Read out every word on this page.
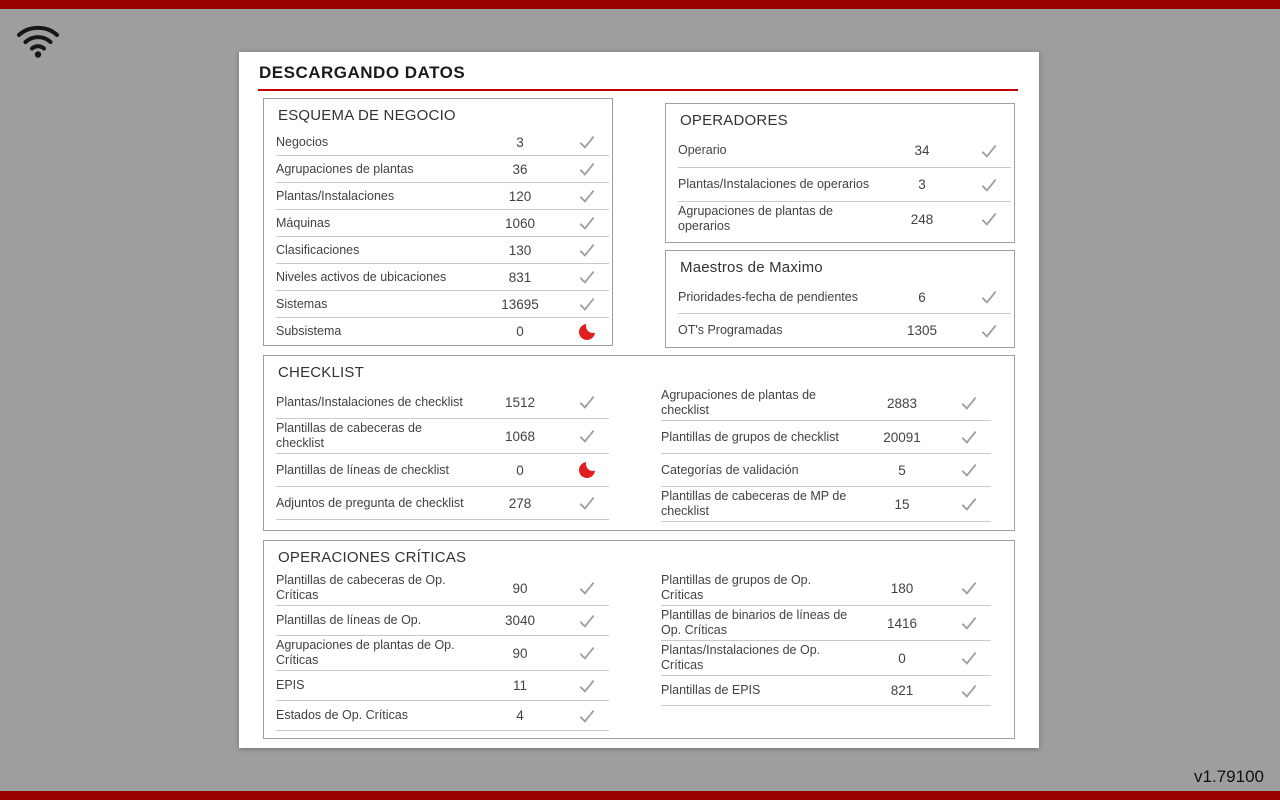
DESCARGANDO DATOS
ESQUEMA DE NEGOCIO
Negocios	3
Agrupaciones de plantas	36
Plantas/Instalaciones	120
Máquinas	1060
Clasificaciones	130
Niveles activos de ubicaciones	831
Sistemas	13695
Subsistema	0
OPERADORES
Operario	34
Plantas/Instalaciones de operarios	3
Agrupaciones de plantas de operarios	248
Maestros de Maximo
Prioridades-fecha de pendientes	6
OT's Programadas	1305
CHECKLIST
Plantas/Instalaciones de checklist	1512
Plantillas de cabeceras de checklist	1068
Plantillas de líneas de checklist	0
Adjuntos de pregunta de checklist	278
Agrupaciones de plantas de checklist	2883
Plantillas de grupos de checklist	20091
Categorías de validación	5
Plantillas de cabeceras de MP de checklist	15
OPERACIONES CRÍTICAS
Plantillas de cabeceras de Op. Críticas	90
Plantillas de líneas de Op.	3040
Agrupaciones de plantas de Op. Críticas	90
EPIS	11
Estados de Op. Críticas	4
Plantillas de grupos de Op. Críticas	180
Plantillas de binarios de líneas de Op. Críticas	1416
Plantas/Instalaciones de Op. Críticas	0
Plantillas de EPIS	821
v1.79100
